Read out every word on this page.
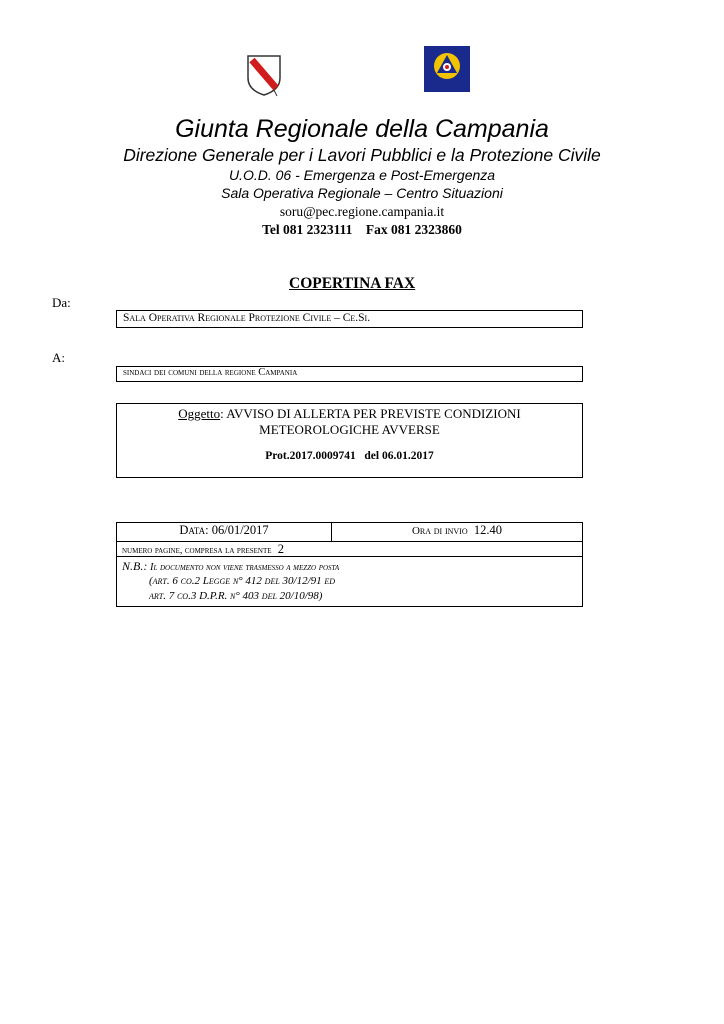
Giunta Regionale della Campania
Direzione Generale per i Lavori Pubblici e la Protezione Civile
U.O.D. 06 - Emergenza e Post-Emergenza
Sala Operativa Regionale – Centro Situazioni
soru@pec.regione.campania.it
Tel 081 2323111    Fax 081 2323860
COPERTINA FAX
Da:
Sala Operativa Regionale Protezione Civile – Ce.Si.
A:
sindaci dei comuni della regione Campania
Oggetto: AVVISO DI ALLERTA PER PREVISTE CONDIZIONI
METEOROLOGICHE AVVERSE
Prot.2017.0009741   del 06.01.2017
Data: 06/01/2017	Ora di invio  12.40
numero pagine, compresa la presente  2
N.B.: Il documento non viene trasmesso a mezzo posta
(art. 6 co.2 Legge n° 412 del 30/12/91 ed
art. 7 co.3 D.P.R. n° 403 del 20/10/98)
